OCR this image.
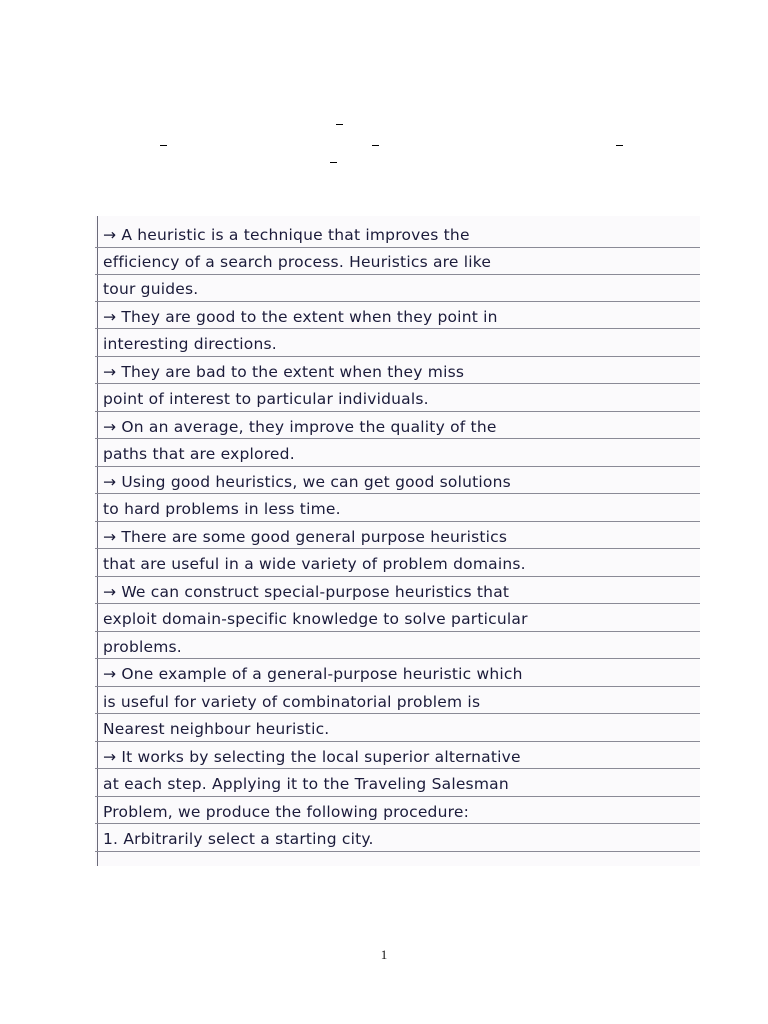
→ A heuristic is a technique that improves the
efficiency of a search process. Heuristics are like
tour guides.
→ They are good to the extent when they point in
interesting directions.
→ They are bad to the extent when they miss
point of interest to particular individuals.
→ On an average, they improve the quality of the
paths that are explored.
→ Using good heuristics, we can get good solutions
to hard problems in less time.
→ There are some good general purpose heuristics
that are useful in a wide variety of problem domains.
→ We can construct special-purpose heuristics that
exploit domain-specific knowledge to solve particular
problems.
→ One example of a general-purpose heuristic which
is useful for variety of combinatorial problem is
Nearest neighbour heuristic.
→ It works by selecting the local superior alternative
at each step. Applying it to the Traveling Salesman
Problem, we produce the following procedure:
1. Arbitrarily select a starting city.
1
